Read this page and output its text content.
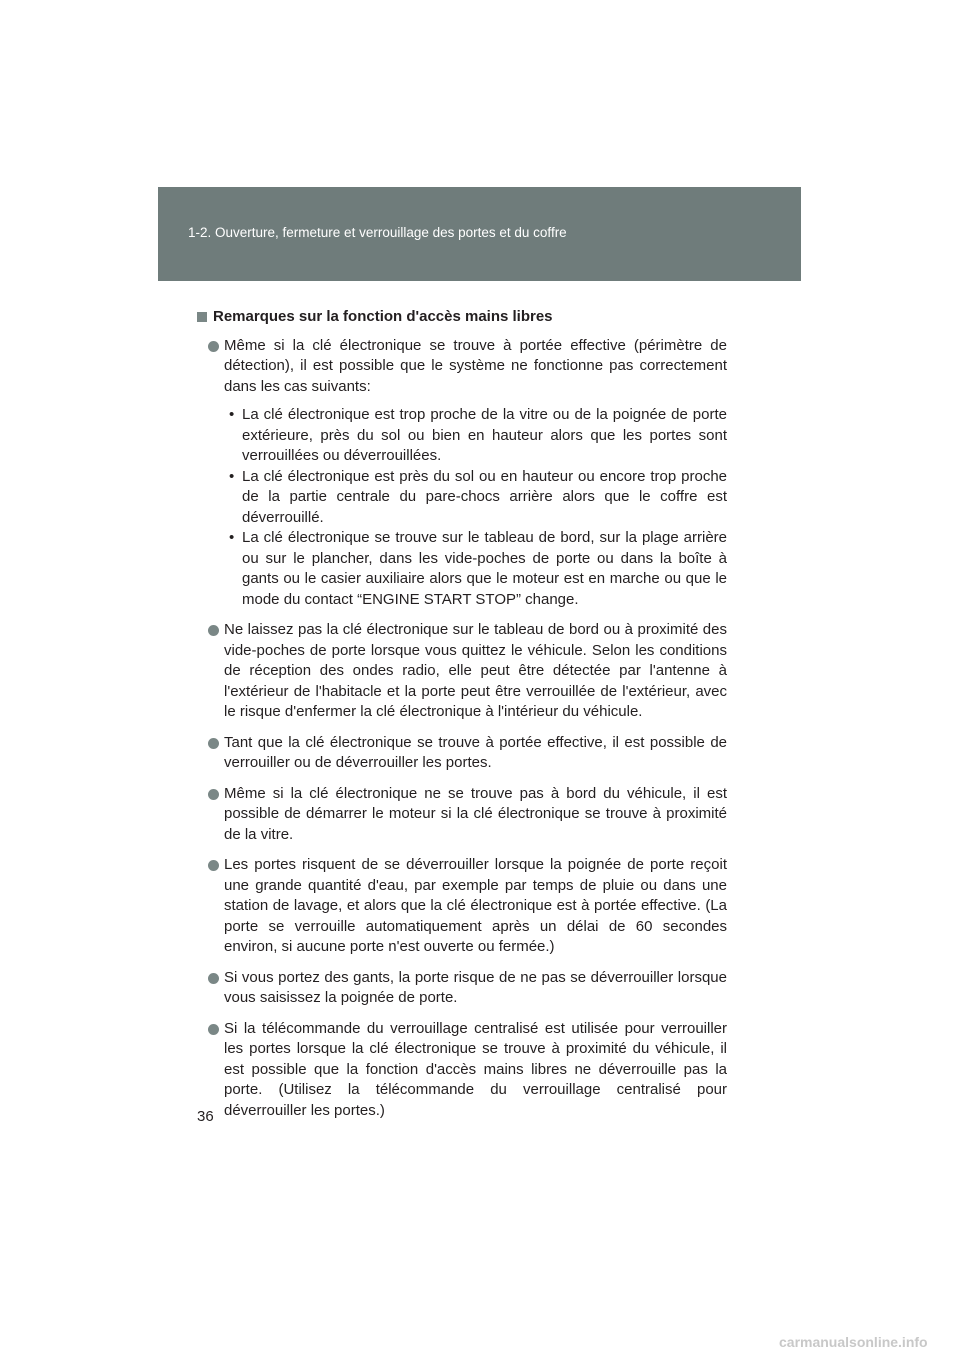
1-2. Ouverture, fermeture et verrouillage des portes et du coffre
Remarques sur la fonction d'accès mains libres
Même si la clé électronique se trouve à portée effective (périmètre de détection), il est possible que le système ne fonctionne pas correctement dans les cas suivants:
• La clé électronique est trop proche de la vitre ou de la poignée de porte extérieure, près du sol ou bien en hauteur alors que les portes sont verrouillées ou déverrouillées.
• La clé électronique est près du sol ou en hauteur ou encore trop proche de la partie centrale du pare-chocs arrière alors que le coffre est déverrouillé.
• La clé électronique se trouve sur le tableau de bord, sur la plage arrière ou sur le plancher, dans les vide-poches de porte ou dans la boîte à gants ou le casier auxiliaire alors que le moteur est en marche ou que le mode du contact “ENGINE START STOP” change.
Ne laissez pas la clé électronique sur le tableau de bord ou à proximité des vide-poches de porte lorsque vous quittez le véhicule. Selon les conditions de réception des ondes radio, elle peut être détectée par l'antenne à l'extérieur de l'habitacle et la porte peut être verrouillée de l'extérieur, avec le risque d'enfermer la clé électronique à l'intérieur du véhicule.
Tant que la clé électronique se trouve à portée effective, il est possible de verrouiller ou de déverrouiller les portes.
Même si la clé électronique ne se trouve pas à bord du véhicule, il est possible de démarrer le moteur si la clé électronique se trouve à proximité de la vitre.
Les portes risquent de se déverrouiller lorsque la poignée de porte reçoit une grande quantité d'eau, par exemple par temps de pluie ou dans une station de lavage, et alors que la clé électronique est à portée effective. (La porte se verrouille automatiquement après un délai de 60 secondes environ, si aucune porte n'est ouverte ou fermée.)
Si vous portez des gants, la porte risque de ne pas se déverrouiller lorsque vous saisissez la poignée de porte.
Si la télécommande du verrouillage centralisé est utilisée pour verrouiller les portes lorsque la clé électronique se trouve à proximité du véhicule, il est possible que la fonction d'accès mains libres ne déverrouille pas la porte. (Utilisez la télécommande du verrouillage centralisé pour déverrouiller les portes.)
36
carmanualsonline.info
